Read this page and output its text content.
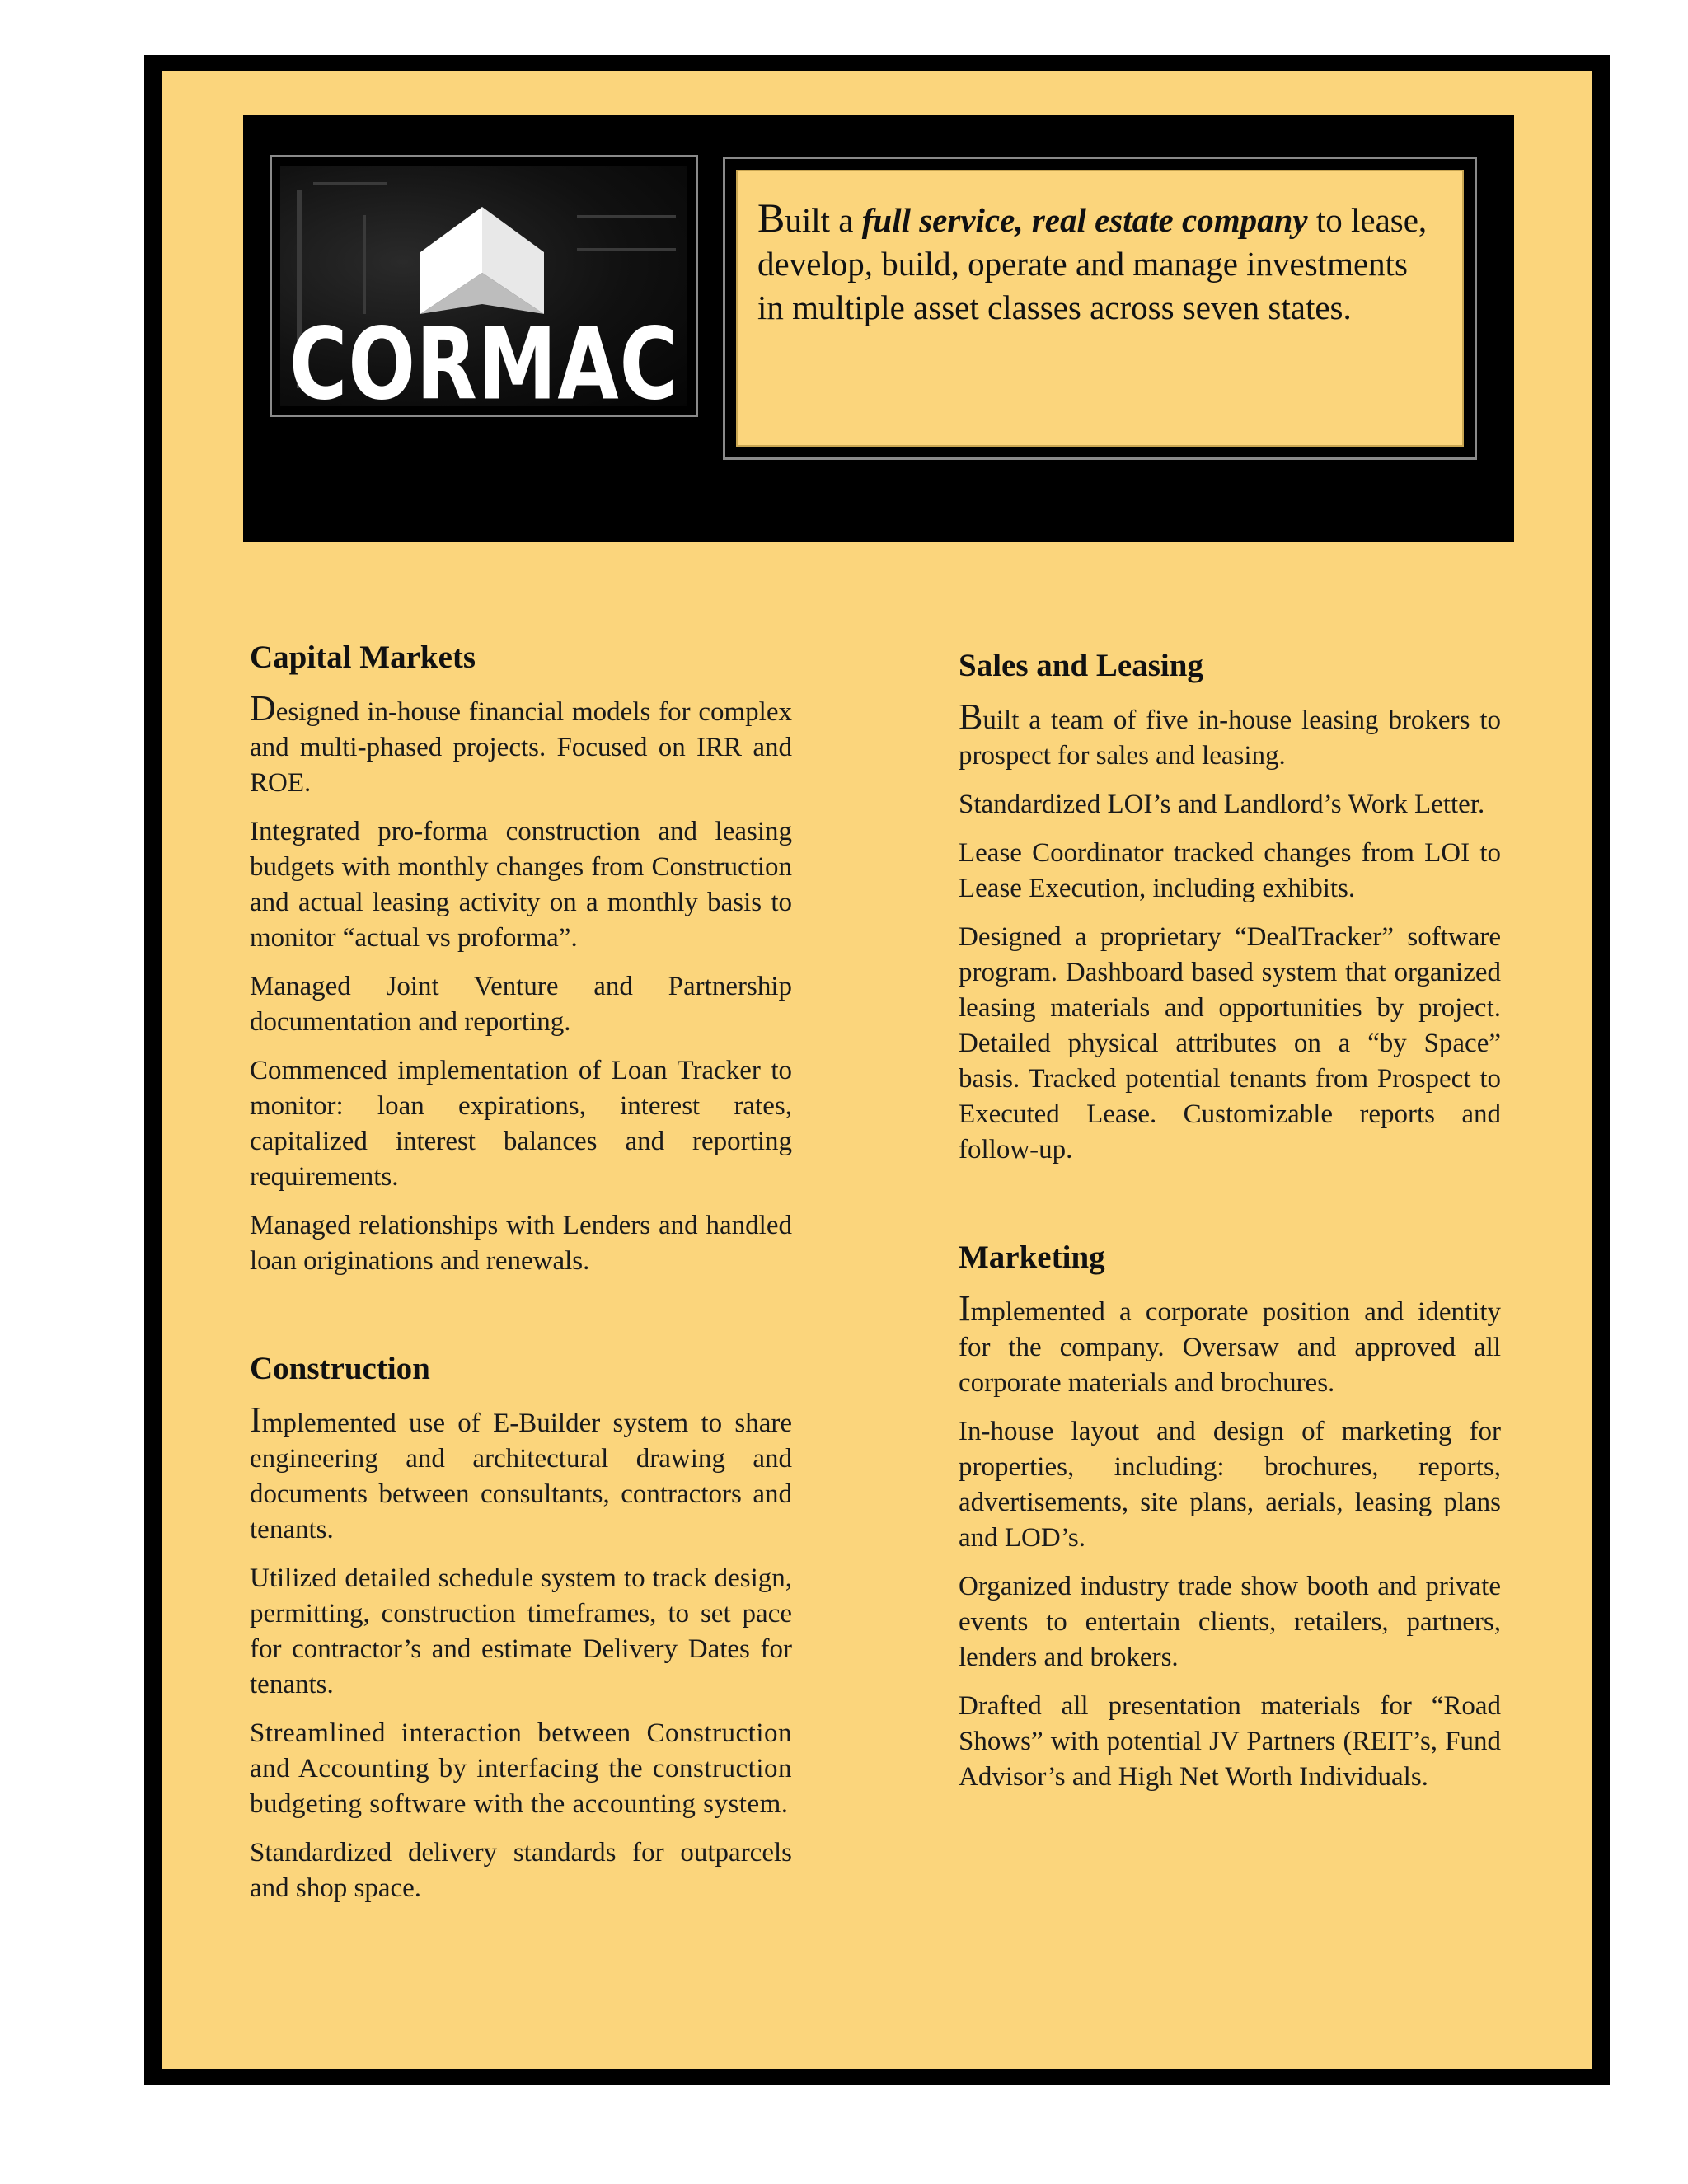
CORMAC
Built a full service, real estate company to lease, develop, build, operate and manage investments in multiple asset classes across seven states.
Capital Markets

Designed in-house financial models for complex and multi-phased projects. Focused on IRR and ROE.

Integrated pro-forma construction and leasing budgets with monthly changes from Construction and actual leasing activity on a monthly basis to monitor “actual vs proforma”.

Managed Joint Venture and Partnership documentation and reporting.

Commenced implementation of Loan Tracker to monitor: loan expirations, interest rates, capitalized interest balances and reporting requirements.

Managed relationships with Lenders and handled loan originations and renewals.

Construction

Implemented use of E-Builder system to share engineering and architectural drawing and documents between consultants, contractors and tenants.

Utilized detailed schedule system to track design, permitting, construction timeframes, to set pace for contractor’s and estimate Delivery Dates for tenants.

Streamlined interaction between Construction and Accounting by interfacing the construction budgeting software with the accounting system.

Standardized delivery standards for outparcels and shop space.

Sales and Leasing

Built a team of five in-house leasing brokers to prospect for sales and leasing.

Standardized LOI’s and Landlord’s Work Letter.

Lease Coordinator tracked changes from LOI to Lease Execution, including exhibits.

Designed a proprietary “DealTracker” software program. Dashboard based system that organized leasing materials and opportunities by project. Detailed physical attributes on a “by Space” basis. Tracked potential tenants from Prospect to Executed Lease. Customizable reports and follow-up.

Marketing

Implemented a corporate position and identity for the company. Oversaw and approved all corporate materials and brochures.

In-house layout and design of marketing for properties, including: brochures, reports, advertisements, site plans, aerials, leasing plans and LOD’s.

Organized industry trade show booth and private events to entertain clients, retailers, partners, lenders and brokers.

Drafted all presentation materials for “Road Shows” with potential JV Partners (REIT’s, Fund Advisor’s and High Net Worth Individuals.
